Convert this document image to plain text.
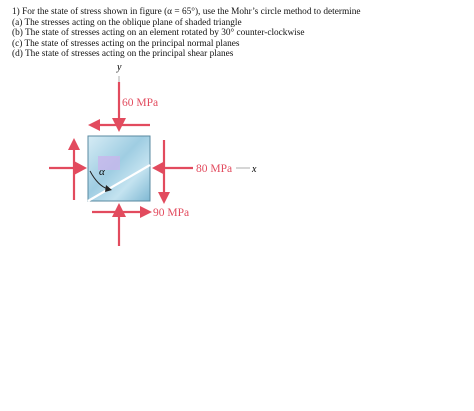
1) For the state of stress shown in figure (α = 65°), use the Mohr’s circle method to determine
(a) The stresses acting on the oblique plane of shaded triangle
(b) The state of stresses acting on an element rotated by 30° counter-clockwise
(c) The state of stresses acting on the principal normal planes
(d) The state of stresses acting on the principal shear planes
y
60 MPa
α	80 MPa x
90 MPa
